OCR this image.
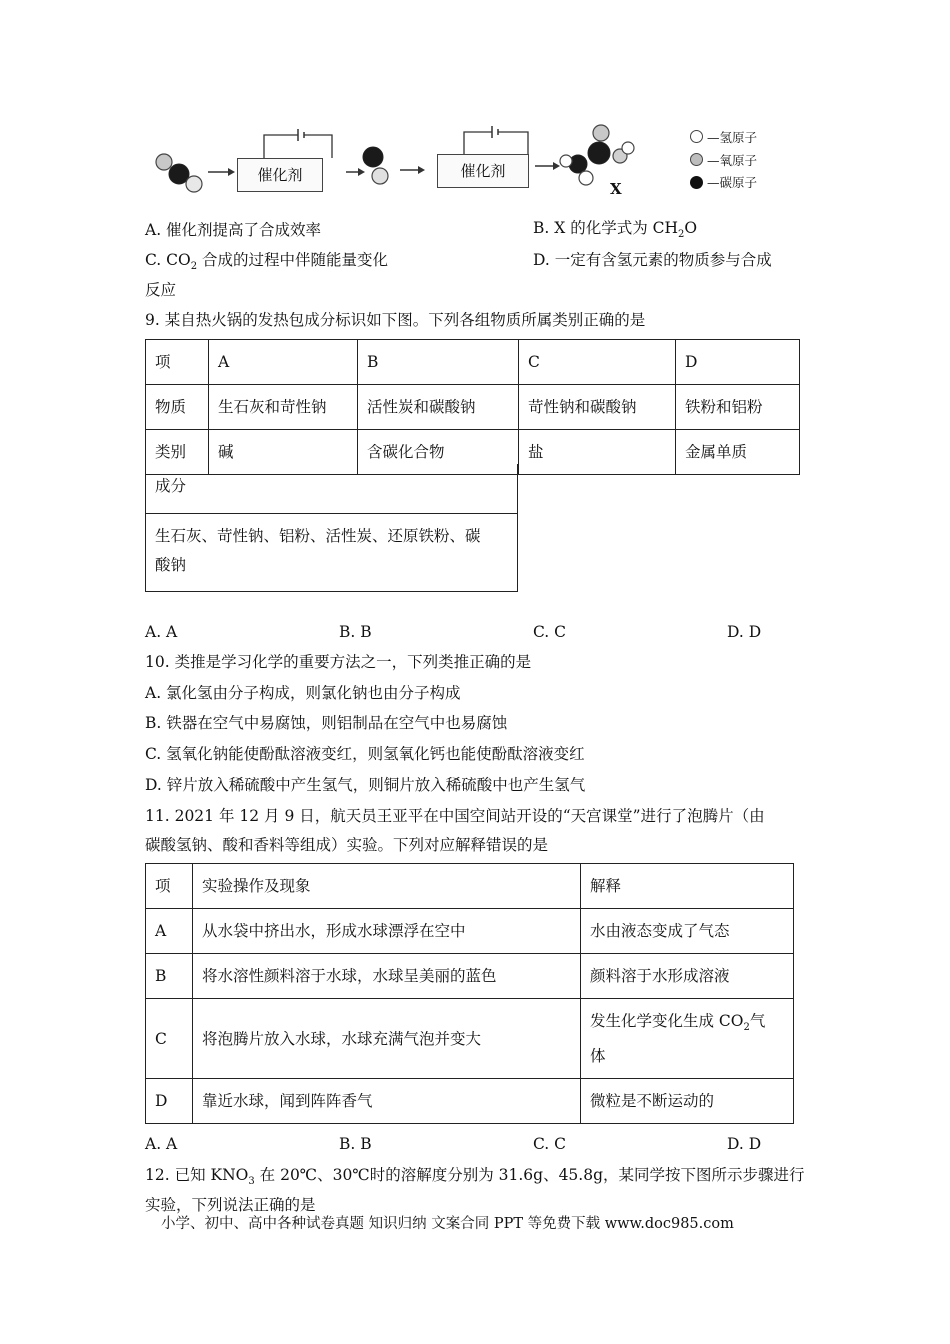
催化剂	催化剂
X
—氢原子
—氧原子
—碳原子
A. 催化剂提高了合成效率	B. X 的化学式为 $CH_2O$
C. $CO_2$ 合成的过程中伴随能量变化	D. 一定有含氢元素的物质参与合成
反应
9. 某自热火锅的发热包成分标识如下图。下列各组物质所属类别正确的是
项	A	B	C	D
物质	生石灰和苛性钠	活性炭和碳酸钠	苛性钠和碳酸钠	铁粉和铝粉
类别	碱	含碳化合物	盐	金属单质
成分
生石灰、苛性钠、铝粉、活性炭、还原铁粉、碳
酸钠
A. A	B. B	C. C	D. D
10. 类推是学习化学的重要方法之一，下列类推正确的是
A. 氯化氢由分子构成，则氯化钠也由分子构成
B. 铁器在空气中易腐蚀，则铝制品在空气中也易腐蚀
C. 氢氧化钠能使酚酞溶液变红，则氢氧化钙也能使酚酞溶液变红
D. 锌片放入稀硫酸中产生氢气，则铜片放入稀硫酸中也产生氢气
11. 2021 年 12 月 9 日，航天员王亚平在中国空间站开设的“天宫课堂”进行了泡腾片（由
碳酸氢钠、酸和香料等组成）实验。下列对应解释错误的是
项	实验操作及现象	解释
A	从水袋中挤出水，形成水球漂浮在空中	水由液态变成了气态
B	将水溶性颜料溶于水球，水球呈美丽的蓝色	颜料溶于水形成溶液
C	将泡腾片放入水球，水球充满气泡并变大	发生化学变化生成 $CO_2$气
体
D	靠近水球，闻到阵阵香气	微粒是不断运动的
A. A	B. B	C. C	D. D
12. 已知 $KNO_3$ 在 20℃、30℃时的溶解度分别为 31.6g、45.8g，某同学按下图所示步骤进行
实验，下列说法正确的是
小学、初中、高中各种试卷真题 知识归纳 文案合同 PPT 等免费下载 www.doc985.com
